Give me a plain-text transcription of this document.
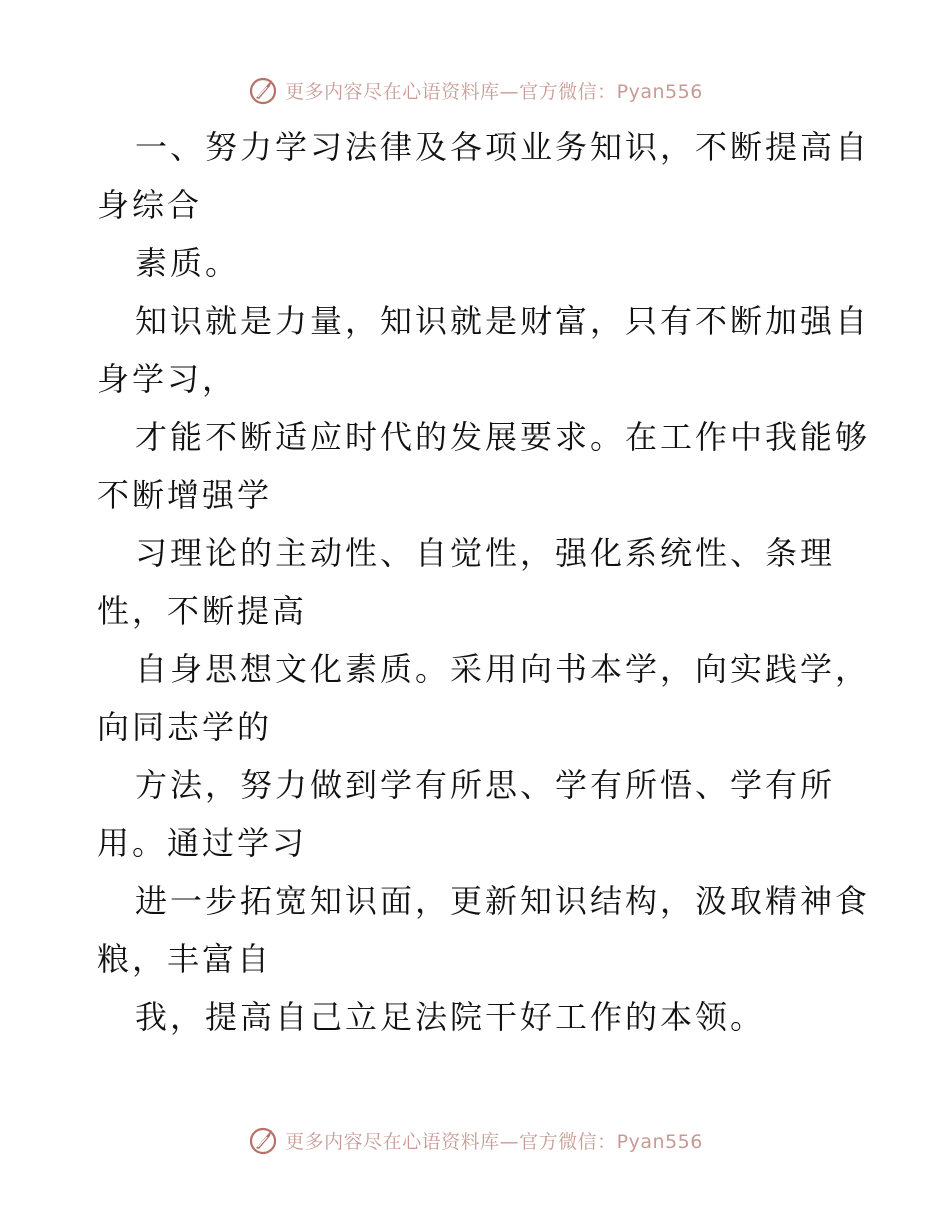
更多内容尽在心语资料库—官方微信：Pyan556
一、努力学习法律及各项业务知识，不断提高自
身综合
素质。
知识就是力量，知识就是财富，只有不断加强自
身学习，
才能不断适应时代的发展要求。在工作中我能够
不断增强学
习理论的主动性、自觉性，强化系统性、条理
性，不断提高
自身思想文化素质。采用向书本学，向实践学，
向同志学的
方法，努力做到学有所思、学有所悟、学有所
用。通过学习
进一步拓宽知识面，更新知识结构，汲取精神食
粮，丰富自
我，提高自己立足法院干好工作的本领。
更多内容尽在心语资料库—官方微信：Pyan556
